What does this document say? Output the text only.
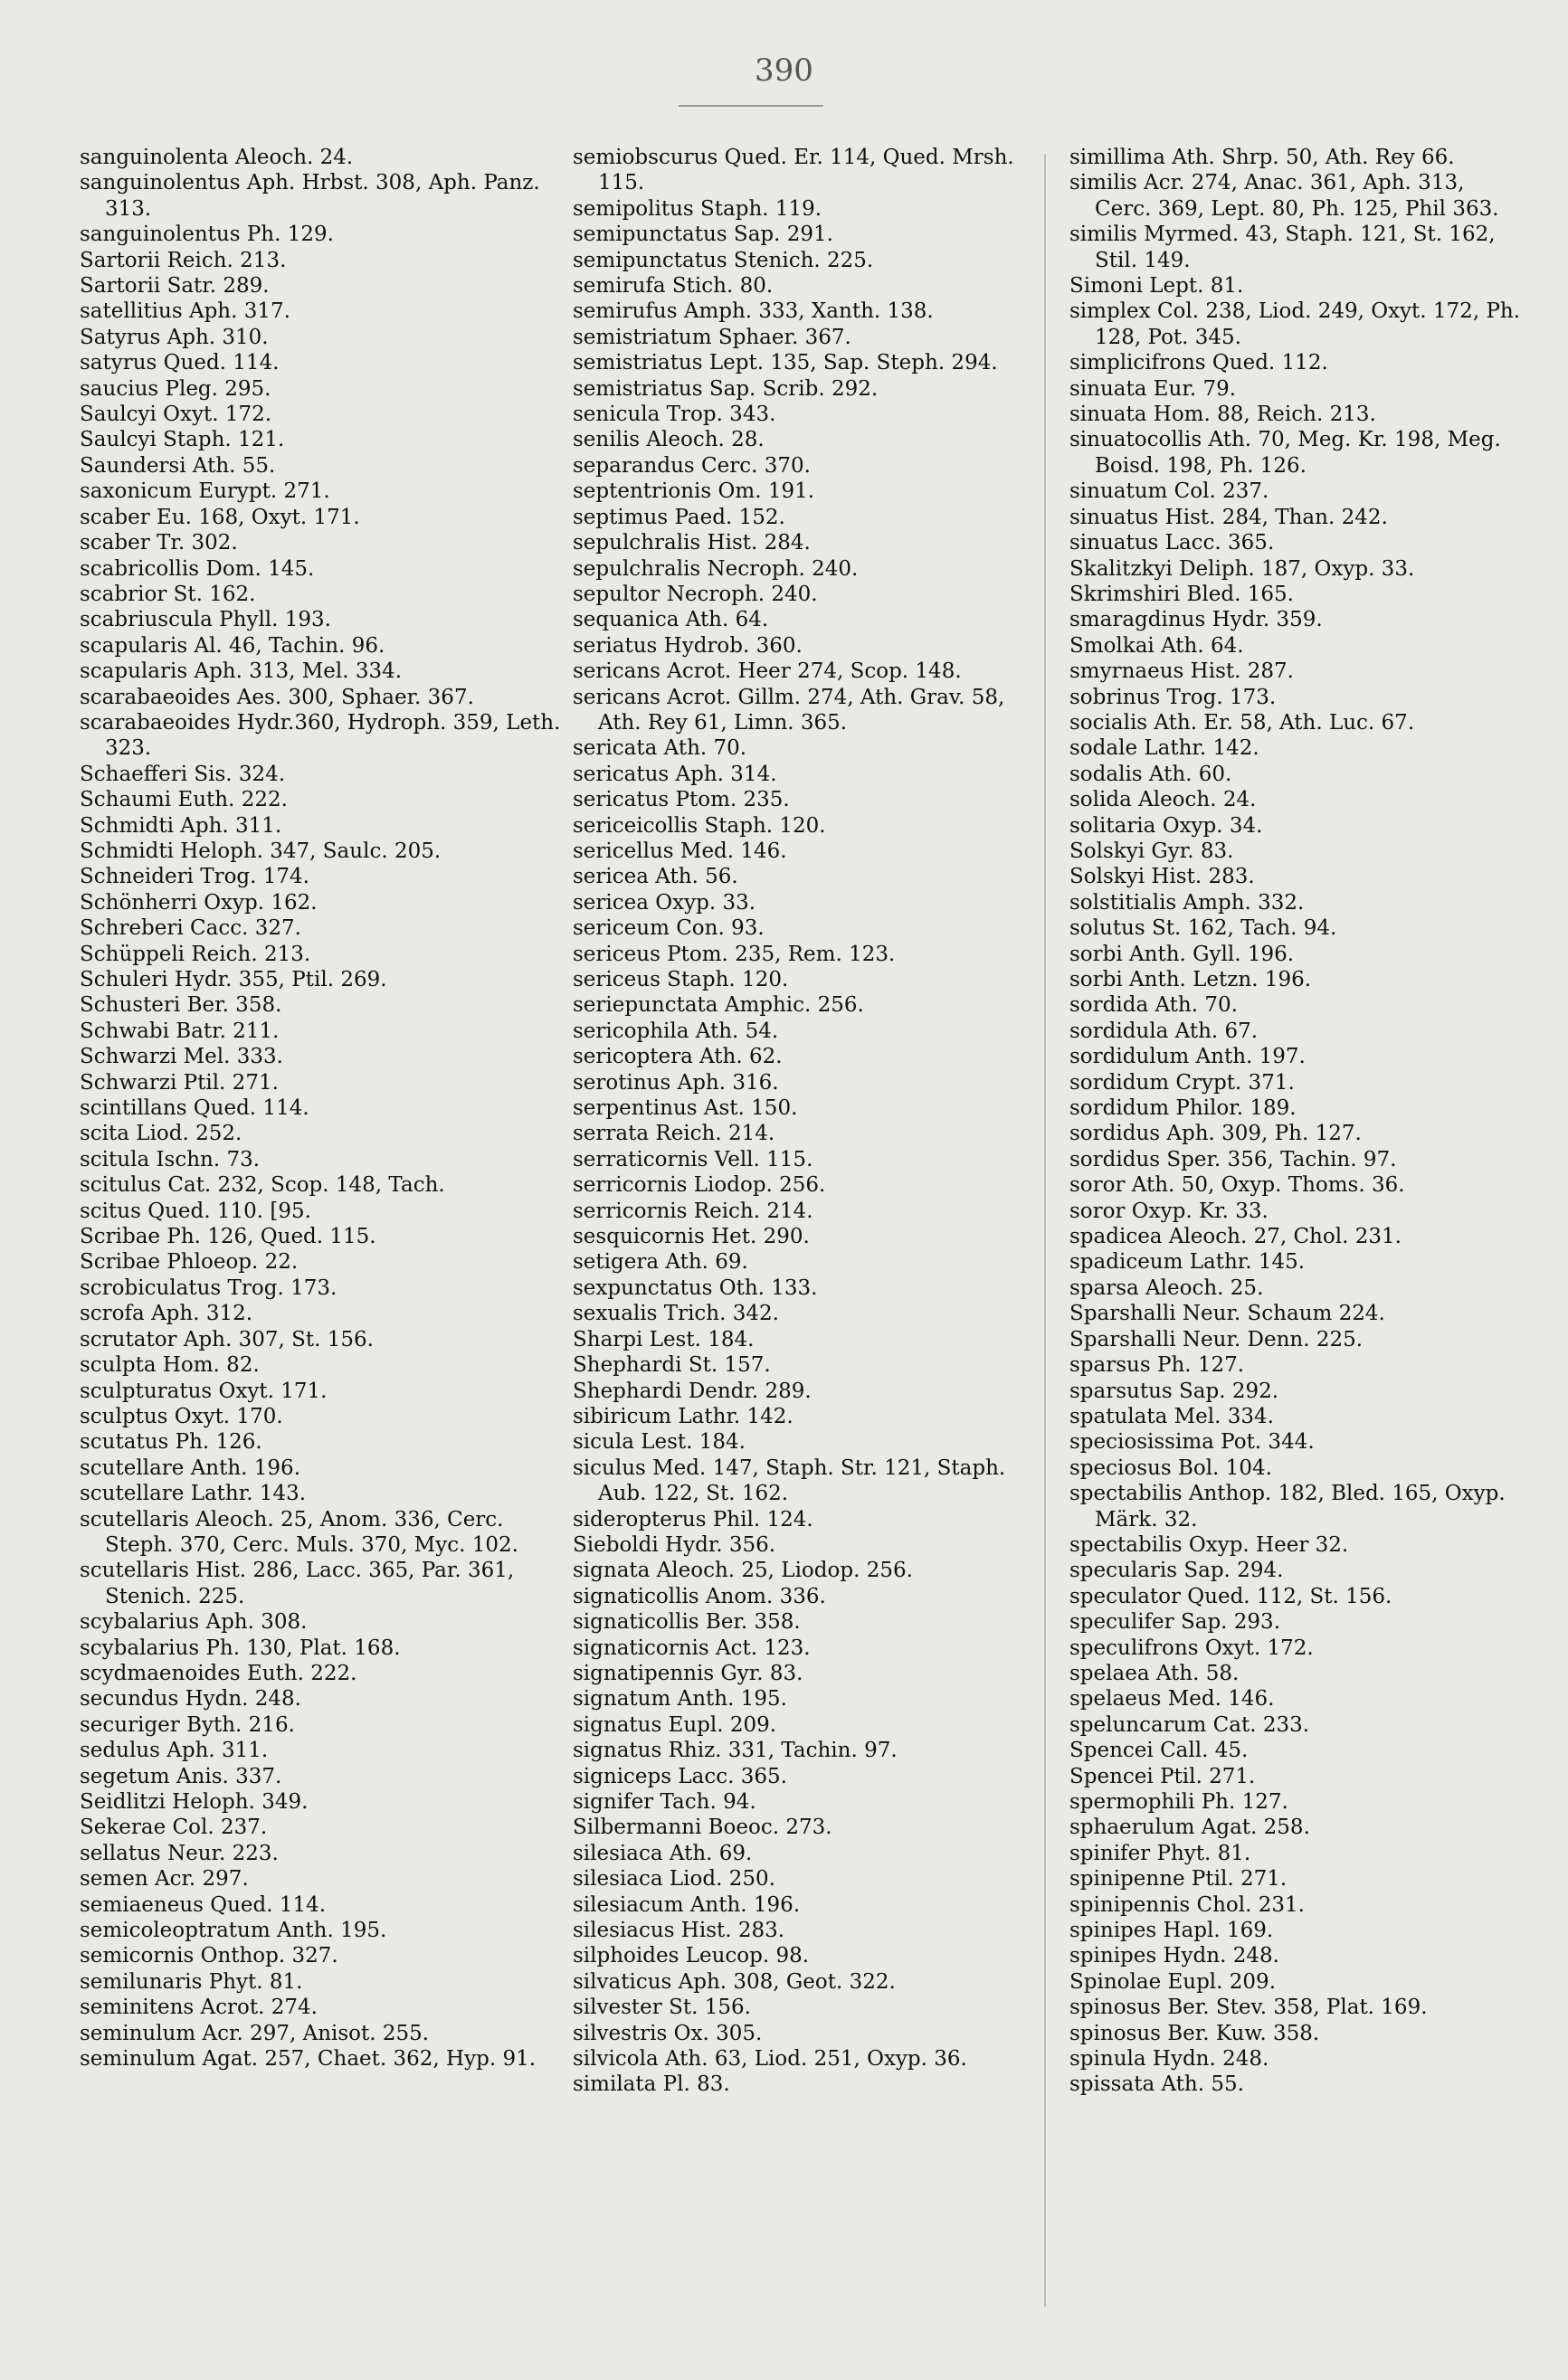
390
sanguinolenta Aleoch. 24.
sanguinolentus Aph. Hrbst. 308, Aph. Panz. 313.
sanguinolentus Ph. 129.
Sartorii Reich. 213.
Sartorii Satr. 289.
satellitius Aph. 317.
Satyrus Aph. 310.
satyrus Qued. 114.
saucius Pleg. 295.
Saulcyi Oxyt. 172.
Saulcyi Staph. 121.
Saundersi Ath. 55.
saxonicum Eurypt. 271.
scaber Eu. 168, Oxyt. 171.
scaber Tr. 302.
scabricollis Dom. 145.
scabrior St. 162.
scabriuscula Phyll. 193.
scapularis Al. 46, Tachin. 96.
scapularis Aph. 313, Mel. 334.
scarabaeoides Aes. 300, Sphaer. 367.
scarabaeoides Hydr.360, Hydroph. 359, Leth. 323.
Schaefferi Sis. 324.
Schaumi Euth. 222.
Schmidti Aph. 311.
Schmidti Heloph. 347, Saulc. 205.
Schneideri Trog. 174.
Schönherri Oxyp. 162.
Schreberi Cacc. 327.
Schüppeli Reich. 213.
Schuleri Hydr. 355, Ptil. 269.
Schusteri Ber. 358.
Schwabi Batr. 211.
Schwarzi Mel. 333.
Schwarzi Ptil. 271.
scintillans Qued. 114.
scita Liod. 252.
scitula Ischn. 73.
scitulus Cat. 232, Scop. 148, Tach.
scitus Qued. 110. [95.
Scribae Ph. 126, Qued. 115.
Scribae Phloeop. 22.
scrobiculatus Trog. 173.
scrofa Aph. 312.
scrutator Aph. 307, St. 156.
sculpta Hom. 82.
sculpturatus Oxyt. 171.
sculptus Oxyt. 170.
scutatus Ph. 126.
scutellare Anth. 196.
scutellare Lathr. 143.
scutellaris Aleoch. 25, Anom. 336, Cerc. Steph. 370, Cerc. Muls. 370, Myc. 102.
scutellaris Hist. 286, Lacc. 365, Par. 361, Stenich. 225.
scybalarius Aph. 308.
scybalarius Ph. 130, Plat. 168.
scydmaenoides Euth. 222.
secundus Hydn. 248.
securiger Byth. 216.
sedulus Aph. 311.
segetum Anis. 337.
Seidlitzi Heloph. 349.
Sekerae Col. 237.
sellatus Neur. 223.
semen Acr. 297.
semiaeneus Qued. 114.
semicoleoptratum Anth. 195.
semicornis Onthop. 327.
semilunaris Phyt. 81.
seminitens Acrot. 274.
seminulum Acr. 297, Anisot. 255.
seminulum Agat. 257, Chaet. 362, Hyp. 91.
semiobscurus Qued. Er. 114, Qued. Mrsh. 115.
semipolitus Staph. 119.
semipunctatus Sap. 291.
semipunctatus Stenich. 225.
semirufa Stich. 80.
semirufus Amph. 333, Xanth. 138.
semistriatum Sphaer. 367.
semistriatus Lept. 135, Sap. Steph. 294.
semistriatus Sap. Scrib. 292.
senicula Trop. 343.
senilis Aleoch. 28.
separandus Cerc. 370.
septentrionis Om. 191.
septimus Paed. 152.
sepulchralis Hist. 284.
sepulchralis Necroph. 240.
sepultor Necroph. 240.
sequanica Ath. 64.
seriatus Hydrob. 360.
sericans Acrot. Heer 274, Scop. 148.
sericans Acrot. Gillm. 274, Ath. Grav. 58, Ath. Rey 61, Limn. 365.
sericata Ath. 70.
sericatus Aph. 314.
sericatus Ptom. 235.
sericeicollis Staph. 120.
sericellus Med. 146.
sericea Ath. 56.
sericea Oxyp. 33.
sericeum Con. 93.
sericeus Ptom. 235, Rem. 123.
sericeus Staph. 120.
seriepunctata Amphic. 256.
sericophila Ath. 54.
sericoptera Ath. 62.
serotinus Aph. 316.
serpentinus Ast. 150.
serrata Reich. 214.
serraticornis Vell. 115.
serricornis Liodop. 256.
serricornis Reich. 214.
sesquicornis Het. 290.
setigera Ath. 69.
sexpunctatus Oth. 133.
sexualis Trich. 342.
Sharpi Lest. 184.
Shephardi St. 157.
Shephardi Dendr. 289.
sibiricum Lathr. 142.
sicula Lest. 184.
siculus Med. 147, Staph. Str. 121, Staph. Aub. 122, St. 162.
sideropterus Phil. 124.
Sieboldi Hydr. 356.
signata Aleoch. 25, Liodop. 256.
signaticollis Anom. 336.
signaticollis Ber. 358.
signaticornis Act. 123.
signatipennis Gyr. 83.
signatum Anth. 195.
signatus Eupl. 209.
signatus Rhiz. 331, Tachin. 97.
signiceps Lacc. 365.
signifer Tach. 94.
Silbermanni Boeoc. 273.
silesiaca Ath. 69.
silesiaca Liod. 250.
silesiacum Anth. 196.
silesiacus Hist. 283.
silphoides Leucop. 98.
silvaticus Aph. 308, Geot. 322.
silvester St. 156.
silvestris Ox. 305.
silvicola Ath. 63, Liod. 251, Oxyp. 36.
similata Pl. 83.
simillima Ath. Shrp. 50, Ath. Rey 66.
similis Acr. 274, Anac. 361, Aph. 313, Cerc. 369, Lept. 80, Ph. 125, Phil 363.
similis Myrmed. 43, Staph. 121, St. 162, Stil. 149.
Simoni Lept. 81.
simplex Col. 238, Liod. 249, Oxyt. 172, Ph. 128, Pot. 345.
simplicifrons Qued. 112.
sinuata Eur. 79.
sinuata Hom. 88, Reich. 213.
sinuatocollis Ath. 70, Meg. Kr. 198, Meg. Boisd. 198, Ph. 126.
sinuatum Col. 237.
sinuatus Hist. 284, Than. 242.
sinuatus Lacc. 365.
Skalitzkyi Deliph. 187, Oxyp. 33.
Skrimshiri Bled. 165.
smaragdinus Hydr. 359.
Smolkai Ath. 64.
smyrnaeus Hist. 287.
sobrinus Trog. 173.
socialis Ath. Er. 58, Ath. Luc. 67.
sodale Lathr. 142.
sodalis Ath. 60.
solida Aleoch. 24.
solitaria Oxyp. 34.
Solskyi Gyr. 83.
Solskyi Hist. 283.
solstitialis Amph. 332.
solutus St. 162, Tach. 94.
sorbi Anth. Gyll. 196.
sorbi Anth. Letzn. 196.
sordida Ath. 70.
sordidula Ath. 67.
sordidulum Anth. 197.
sordidum Crypt. 371.
sordidum Philor. 189.
sordidus Aph. 309, Ph. 127.
sordidus Sper. 356, Tachin. 97.
soror Ath. 50, Oxyp. Thoms. 36.
soror Oxyp. Kr. 33.
spadicea Aleoch. 27, Chol. 231.
spadiceum Lathr. 145.
sparsa Aleoch. 25.
Sparshalli Neur. Schaum 224.
Sparshalli Neur. Denn. 225.
sparsus Ph. 127.
sparsutus Sap. 292.
spatulata Mel. 334.
speciosissima Pot. 344.
speciosus Bol. 104.
spectabilis Anthop. 182, Bled. 165, Oxyp. Märk. 32.
spectabilis Oxyp. Heer 32.
specularis Sap. 294.
speculator Qued. 112, St. 156.
speculifer Sap. 293.
speculifrons Oxyt. 172.
spelaea Ath. 58.
spelaeus Med. 146.
speluncarum Cat. 233.
Spencei Call. 45.
Spencei Ptil. 271.
spermophili Ph. 127.
sphaerulum Agat. 258.
spinifer Phyt. 81.
spinipenne Ptil. 271.
spinipennis Chol. 231.
spinipes Hapl. 169.
spinipes Hydn. 248.
Spinolae Eupl. 209.
spinosus Ber. Stev. 358, Plat. 169.
spinosus Ber. Kuw. 358.
spinula Hydn. 248.
spissata Ath. 55.
